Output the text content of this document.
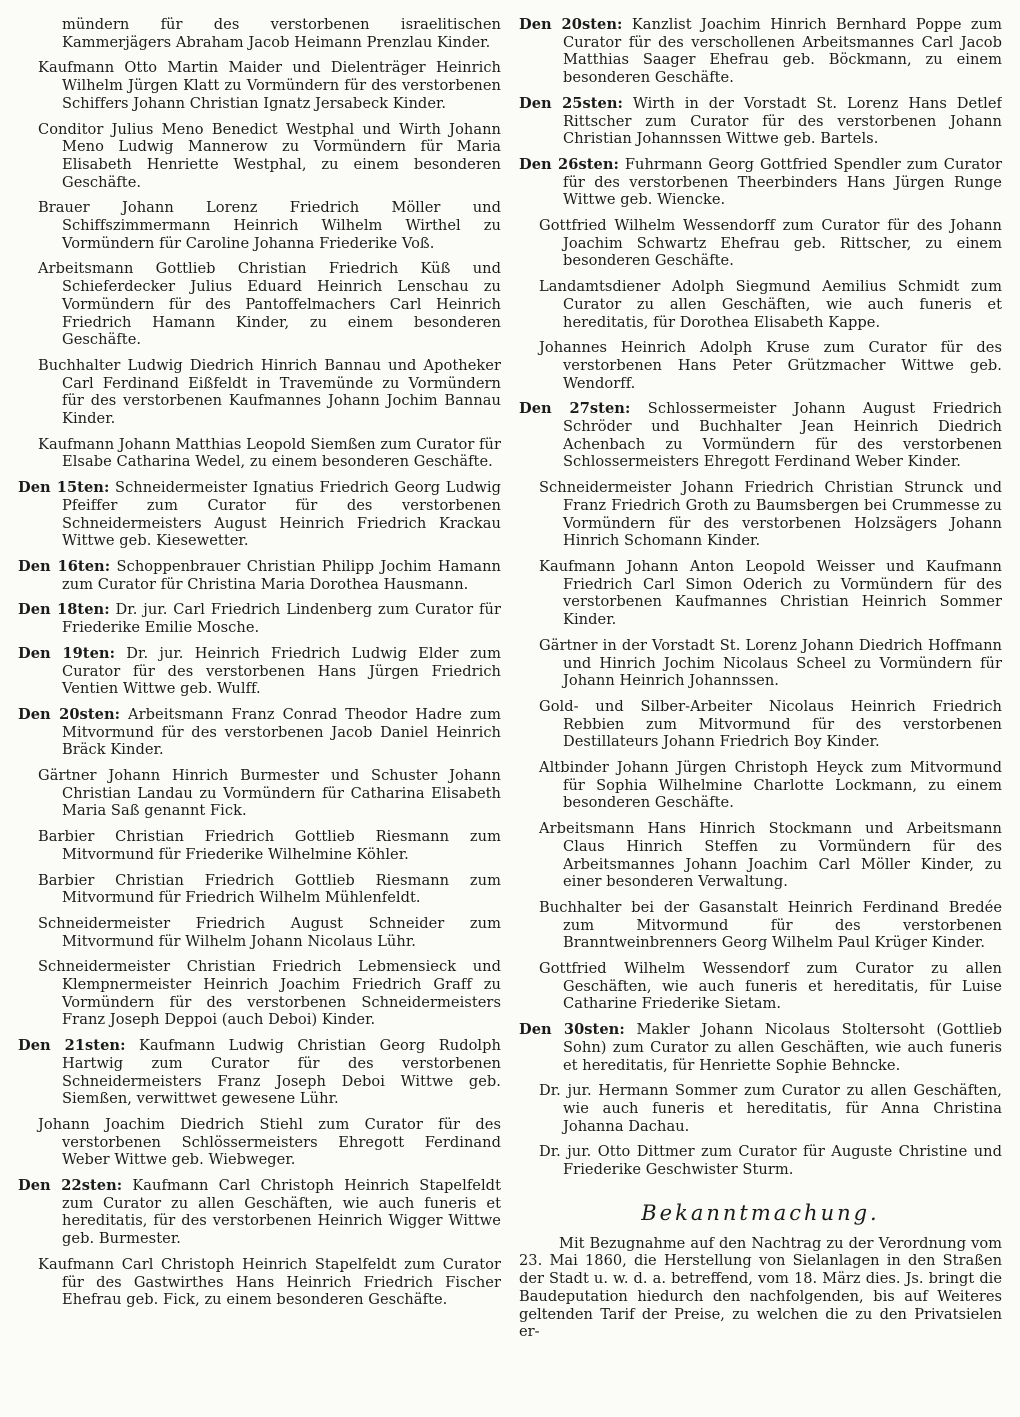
mündern für des verstorbenen israelitischen Kammerjägers Abraham Jacob Heimann Prenzlau Kinder.

Kaufmann Otto Martin Maider und Dielenträger Heinrich Wilhelm Jürgen Klatt zu Vormündern für des verstorbenen Schiffers Johann Christian Ignatz Jersabeck Kinder.

Conditor Julius Meno Benedict Westphal und Wirth Johann Meno Ludwig Mannerow zu Vormündern für Maria Elisabeth Henriette Westphal, zu einem besonderen Geschäfte.

Brauer Johann Lorenz Friedrich Möller und Schiffszimmermann Heinrich Wilhelm Wirthel zu Vormündern für Caroline Johanna Friederike Voß.

Arbeitsmann Gottlieb Christian Friedrich Küß und Schieferdecker Julius Eduard Heinrich Lenschau zu Vormündern für des Pantoffelmachers Carl Heinrich Friedrich Hamann Kinder, zu einem besonderen Geschäfte.

Buchhalter Ludwig Diedrich Hinrich Bannau und Apotheker Carl Ferdinand Eißfeldt in Travemünde zu Vormündern für des verstorbenen Kaufmannes Johann Jochim Bannau Kinder.

Kaufmann Johann Matthias Leopold Siemßen zum Curator für Elsabe Catharina Wedel, zu einem besonderen Geschäfte.

Den 15ten: Schneidermeister Ignatius Friedrich Georg Ludwig Pfeiffer zum Curator für des verstorbenen Schneidermeisters August Heinrich Friedrich Krackau Wittwe geb. Kiesewetter.

Den 16ten: Schoppenbrauer Christian Philipp Jochim Hamann zum Curator für Christina Maria Dorothea Hausmann.

Den 18ten: Dr. jur. Carl Friedrich Lindenberg zum Curator für Friederike Emilie Mosche.

Den 19ten: Dr. jur. Heinrich Friedrich Ludwig Elder zum Curator für des verstorbenen Hans Jürgen Friedrich Ventien Wittwe geb. Wulff.

Den 20sten: Arbeitsmann Franz Conrad Theodor Hadre zum Mitvormund für des verstorbenen Jacob Daniel Heinrich Bräck Kinder.

Gärtner Johann Hinrich Burmester und Schuster Johann Christian Landau zu Vormündern für Catharina Elisabeth Maria Saß genannt Fick.

Barbier Christian Friedrich Gottlieb Riesmann zum Mitvormund für Friederike Wilhelmine Köhler.

Barbier Christian Friedrich Gottlieb Riesmann zum Mitvormund für Friedrich Wilhelm Mühlenfeldt.

Schneidermeister Friedrich August Schneider zum Mitvormund für Wilhelm Johann Nicolaus Lühr.

Schneidermeister Christian Friedrich Lebmensieck und Klempnermeister Heinrich Joachim Friedrich Graff zu Vormündern für des verstorbenen Schneidermeisters Franz Joseph Deppoi (auch Deboi) Kinder.

Den 21sten: Kaufmann Ludwig Christian Georg Rudolph Hartwig zum Curator für des verstorbenen Schneidermeisters Franz Joseph Deboi Wittwe geb. Siemßen, verwittwet gewesene Lühr.

Johann Joachim Diedrich Stiehl zum Curator für des verstorbenen Schlössermeisters Ehregott Ferdinand Weber Wittwe geb. Wiebweger.

Den 22sten: Kaufmann Carl Christoph Heinrich Stapelfeldt zum Curator zu allen Geschäften, wie auch funeris et hereditatis, für des verstorbenen Heinrich Wigger Wittwe geb. Burmester.

Kaufmann Carl Christoph Heinrich Stapelfeldt zum Curator für des Gastwirthes Hans Heinrich Friedrich Fischer Ehefrau geb. Fick, zu einem besonderen Geschäfte.

Den 20sten: Kanzlist Joachim Hinrich Bernhard Poppe zum Curator für des verschollenen Arbeitsmannes Carl Jacob Matthias Saager Ehefrau geb. Böckmann, zu einem besonderen Geschäfte.

Den 25sten: Wirth in der Vorstadt St. Lorenz Hans Detlef Rittscher zum Curator für des verstorbenen Johann Christian Johannssen Wittwe geb. Bartels.

Den 26sten: Fuhrmann Georg Gottfried Spendler zum Curator für des verstorbenen Theerbinders Hans Jürgen Runge Wittwe geb. Wiencke.

Gottfried Wilhelm Wessendorff zum Curator für des Johann Joachim Schwartz Ehefrau geb. Rittscher, zu einem besonderen Geschäfte.

Landamtsdiener Adolph Siegmund Aemilius Schmidt zum Curator zu allen Geschäften, wie auch funeris et hereditatis, für Dorothea Elisabeth Kappe.

Johannes Heinrich Adolph Kruse zum Curator für des verstorbenen Hans Peter Grützmacher Wittwe geb. Wendorff.

Den 27sten: Schlossermeister Johann August Friedrich Schröder und Buchhalter Jean Heinrich Diedrich Achenbach zu Vormündern für des verstorbenen Schlossermeisters Ehregott Ferdinand Weber Kinder.

Schneidermeister Johann Friedrich Christian Strunck und Franz Friedrich Groth zu Baumsbergen bei Crummesse zu Vormündern für des verstorbenen Holzsägers Johann Hinrich Schomann Kinder.

Kaufmann Johann Anton Leopold Weisser und Kaufmann Friedrich Carl Simon Oderich zu Vormündern für des verstorbenen Kaufmannes Christian Heinrich Sommer Kinder.

Gärtner in der Vorstadt St. Lorenz Johann Diedrich Hoffmann und Hinrich Jochim Nicolaus Scheel zu Vormündern für Johann Heinrich Johannssen.

Gold- und Silber-Arbeiter Nicolaus Heinrich Friedrich Rebbien zum Mitvormund für des verstorbenen Destillateurs Johann Friedrich Boy Kinder.

Altbinder Johann Jürgen Christoph Heyck zum Mitvormund für Sophia Wilhelmine Charlotte Lockmann, zu einem besonderen Geschäfte.

Arbeitsmann Hans Hinrich Stockmann und Arbeitsmann Claus Hinrich Steffen zu Vormündern für des Arbeitsmannes Johann Joachim Carl Möller Kinder, zu einer besonderen Verwaltung.

Buchhalter bei der Gasanstalt Heinrich Ferdinand Bredée zum Mitvormund für des verstorbenen Branntweinbrenners Georg Wilhelm Paul Krüger Kinder.

Gottfried Wilhelm Wessendorf zum Curator zu allen Geschäften, wie auch funeris et hereditatis, für Luise Catharine Friederike Sietam.

Den 30sten: Makler Johann Nicolaus Stoltersoht (Gottlieb Sohn) zum Curator zu allen Geschäften, wie auch funeris et hereditatis, für Henriette Sophie Behncke.

Dr. jur. Hermann Sommer zum Curator zu allen Geschäften, wie auch funeris et hereditatis, für Anna Christina Johanna Dachau.

Dr. jur. Otto Dittmer zum Curator für Auguste Christine und Friederike Geschwister Sturm.

Bekanntmachung.

Mit Bezugnahme auf den Nachtrag zu der Verordnung vom 23. Mai 1860, die Herstellung von Sielanlagen in den Straßen der Stadt u. w. d. a. betreffend, vom 18. März dies. Js. bringt die Baudeputation hiedurch den nachfolgenden, bis auf Weiteres geltenden Tarif der Preise, zu welchen die zu den Privatsielen er-
